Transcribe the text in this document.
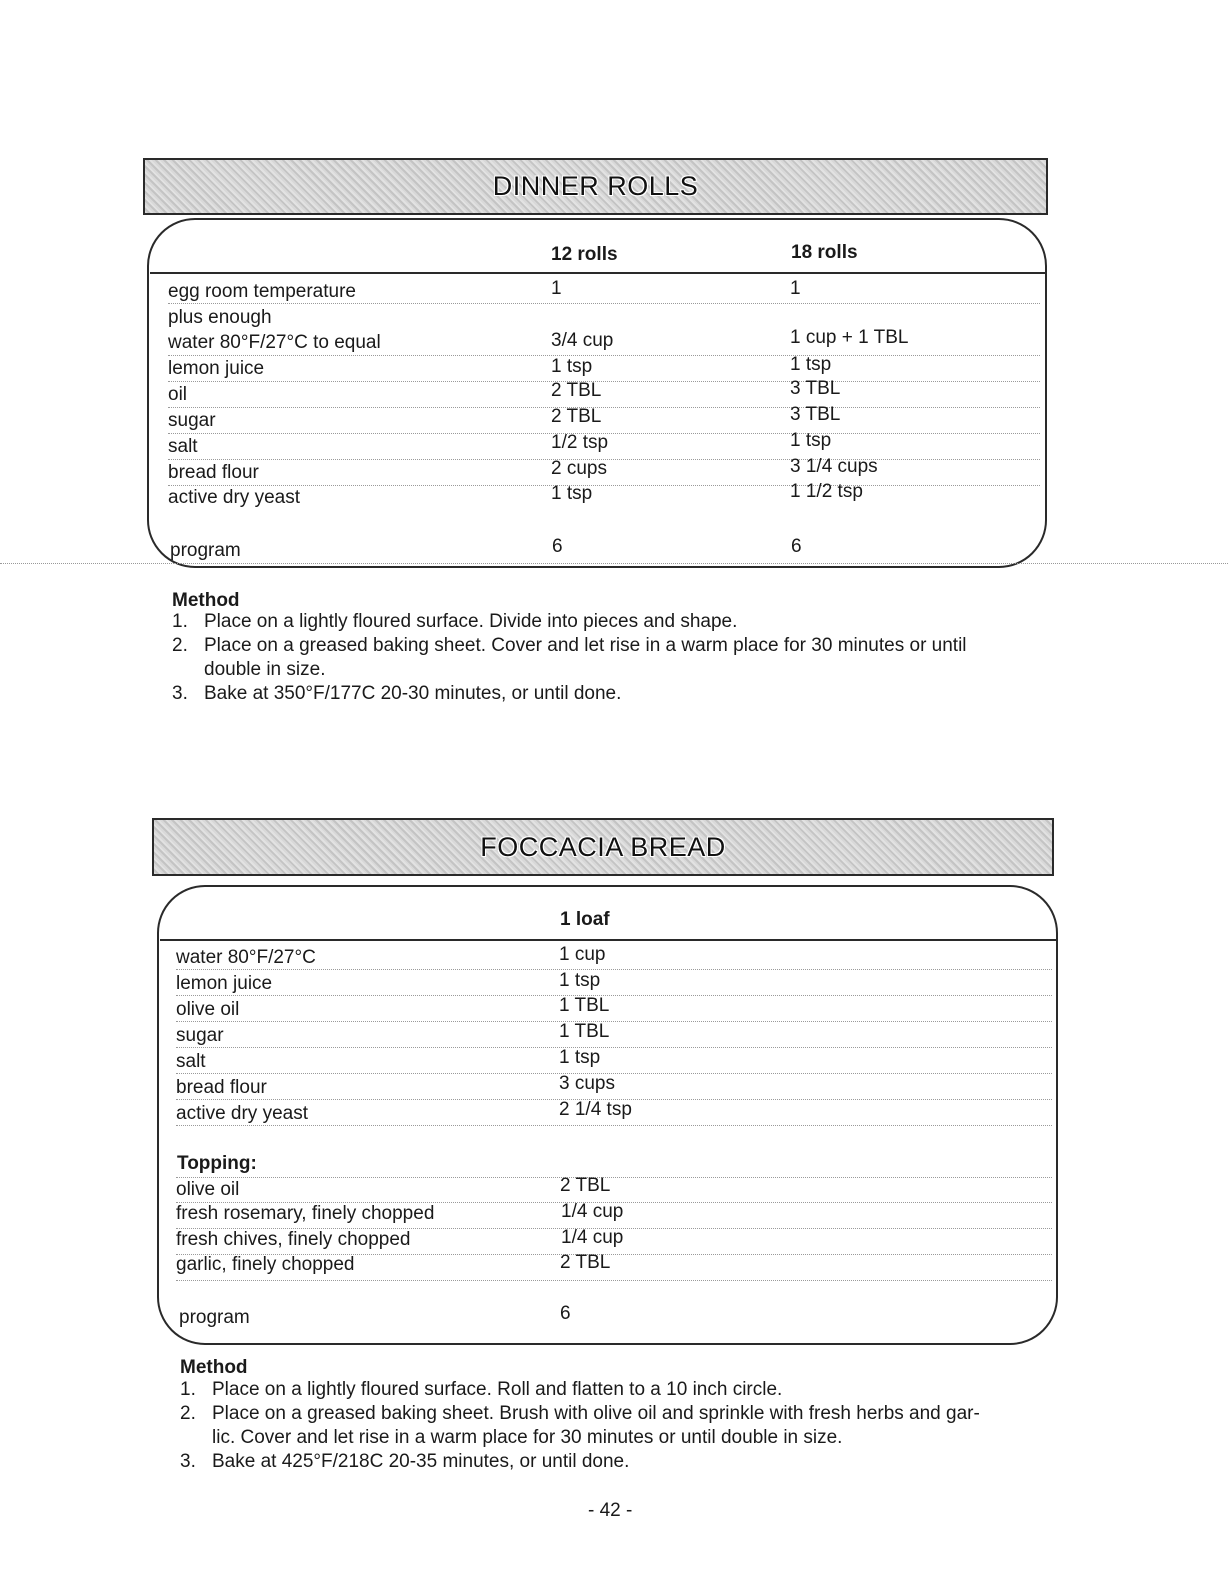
DINNER ROLLS
12 rolls	18 rolls
egg room temperature	1	1
plus enough
water 80°F/27°C to equal	3/4 cup	1 cup + 1 TBL
lemon juice	1 tsp	1 tsp
oil	2 TBL	3 TBL
sugar	2 TBL	3 TBL
salt	1/2 tsp	1 tsp
bread flour	2 cups	3 1/4 cups
active dry yeast	1 tsp	1 1/2 tsp
program	6	6
Method
1. Place on a lightly floured surface. Divide into pieces and shape.
2. Place on a greased baking sheet. Cover and let rise in a warm place for 30 minutes or until
double in size.
3. Bake at 350°F/177C 20-30 minutes, or until done.
FOCCACIA BREAD
1 loaf
water 80°F/27°C	1 cup
lemon juice	1 tsp
olive oil	1 TBL
sugar	1 TBL
salt	1 tsp
bread flour	3 cups
active dry yeast	2 1/4 tsp
Topping:
olive oil	2 TBL
fresh rosemary, finely chopped	1/4 cup
fresh chives, finely chopped	1/4 cup
garlic, finely chopped	2 TBL
program	6
Method
1. Place on a lightly floured surface. Roll and flatten to a 10 inch circle.
2. Place on a greased baking sheet. Brush with olive oil and sprinkle with fresh herbs and gar-
lic. Cover and let rise in a warm place for 30 minutes or until double in size.
3. Bake at 425°F/218C 20-35 minutes, or until done.
- 42 -
